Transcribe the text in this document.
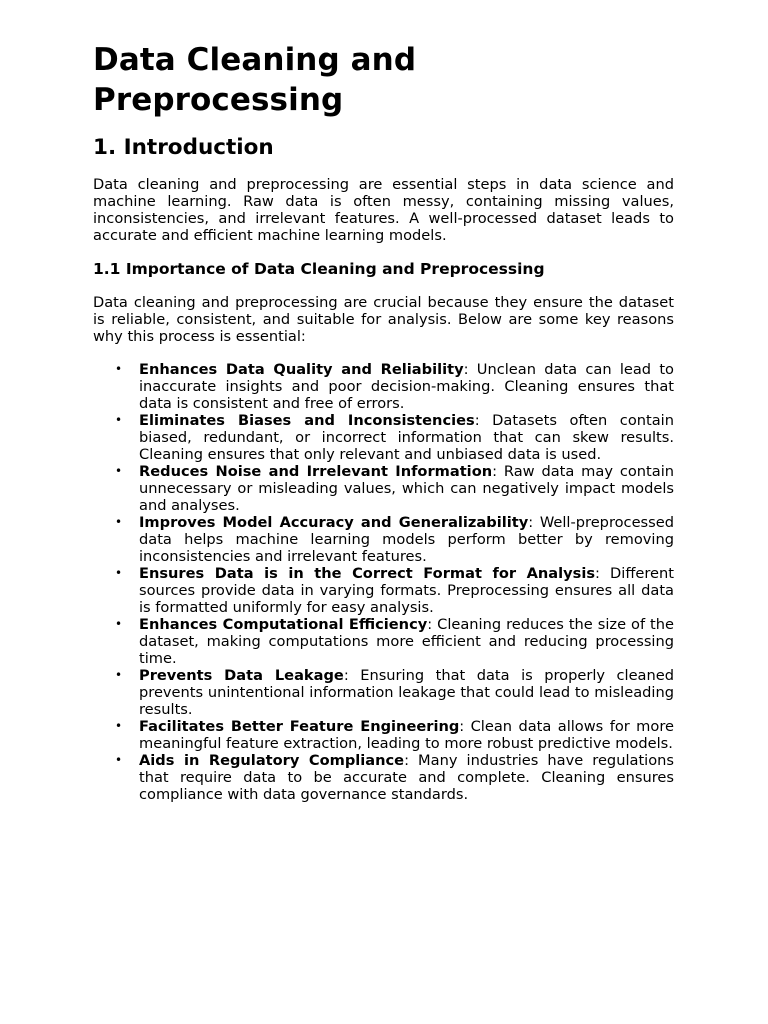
Data Cleaning and Preprocessing
1. Introduction

Data cleaning and preprocessing are essential steps in data science and machine learning. Raw data is often messy, containing missing values, inconsistencies, and irrelevant features. A well-processed dataset leads to accurate and efficient machine learning models.

1.1 Importance of Data Cleaning and Preprocessing

Data cleaning and preprocessing are crucial because they ensure the dataset is reliable, consistent, and suitable for analysis. Below are some key reasons why this process is essential:

• Enhances Data Quality and Reliability: Unclean data can lead to inaccurate insights and poor decision-making. Cleaning ensures that data is consistent and free of errors.
• Eliminates Biases and Inconsistencies: Datasets often contain biased, redundant, or incorrect information that can skew results. Cleaning ensures that only relevant and unbiased data is used.
• Reduces Noise and Irrelevant Information: Raw data may contain unnecessary or misleading values, which can negatively impact models and analyses.
• Improves Model Accuracy and Generalizability: Well-preprocessed data helps machine learning models perform better by removing inconsistencies and irrelevant features.
• Ensures Data is in the Correct Format for Analysis: Different sources provide data in varying formats. Preprocessing ensures all data is formatted uniformly for easy analysis.
• Enhances Computational Efficiency: Cleaning reduces the size of the dataset, making computations more efficient and reducing processing time.
• Prevents Data Leakage: Ensuring that data is properly cleaned prevents unintentional information leakage that could lead to misleading results.
• Facilitates Better Feature Engineering: Clean data allows for more meaningful feature extraction, leading to more robust predictive models.
• Aids in Regulatory Compliance: Many industries have regulations that require data to be accurate and complete. Cleaning ensures compliance with data governance standards.
